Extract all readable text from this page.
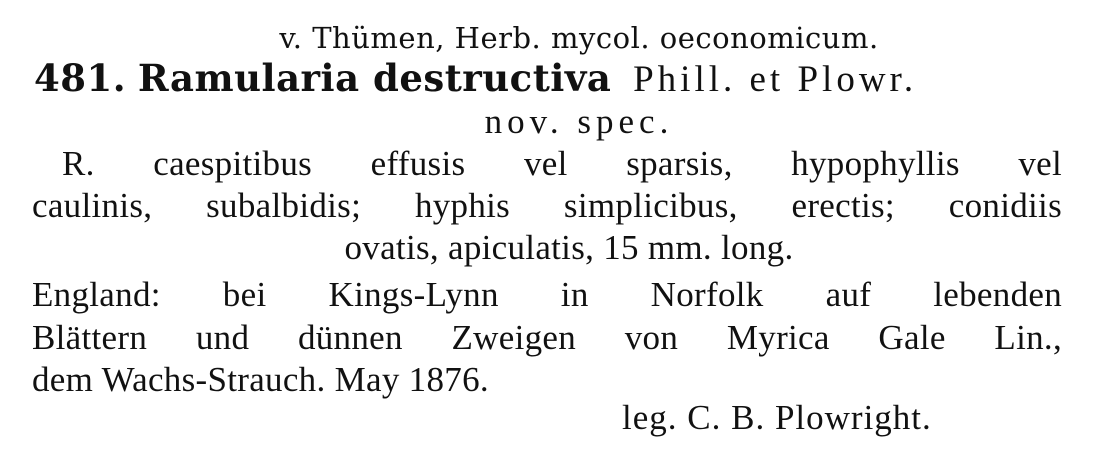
v. Thümen, Herb. mycol. oeconomicum.
481. Ramularia destructiva Phill. et Plowr.
nov. spec.
R. caespitibus effusis vel sparsis, hypophyllis vel
caulinis, subalbidis; hyphis simplicibus, erectis; conidiis
ovatis, apiculatis, 15 mm. long.
England: bei Kings-Lynn in Norfolk auf lebenden
Blättern und dünnen Zweigen von Myrica Gale Lin.,
dem Wachs-Strauch. May 1876.
leg. C. B. Plowright.
